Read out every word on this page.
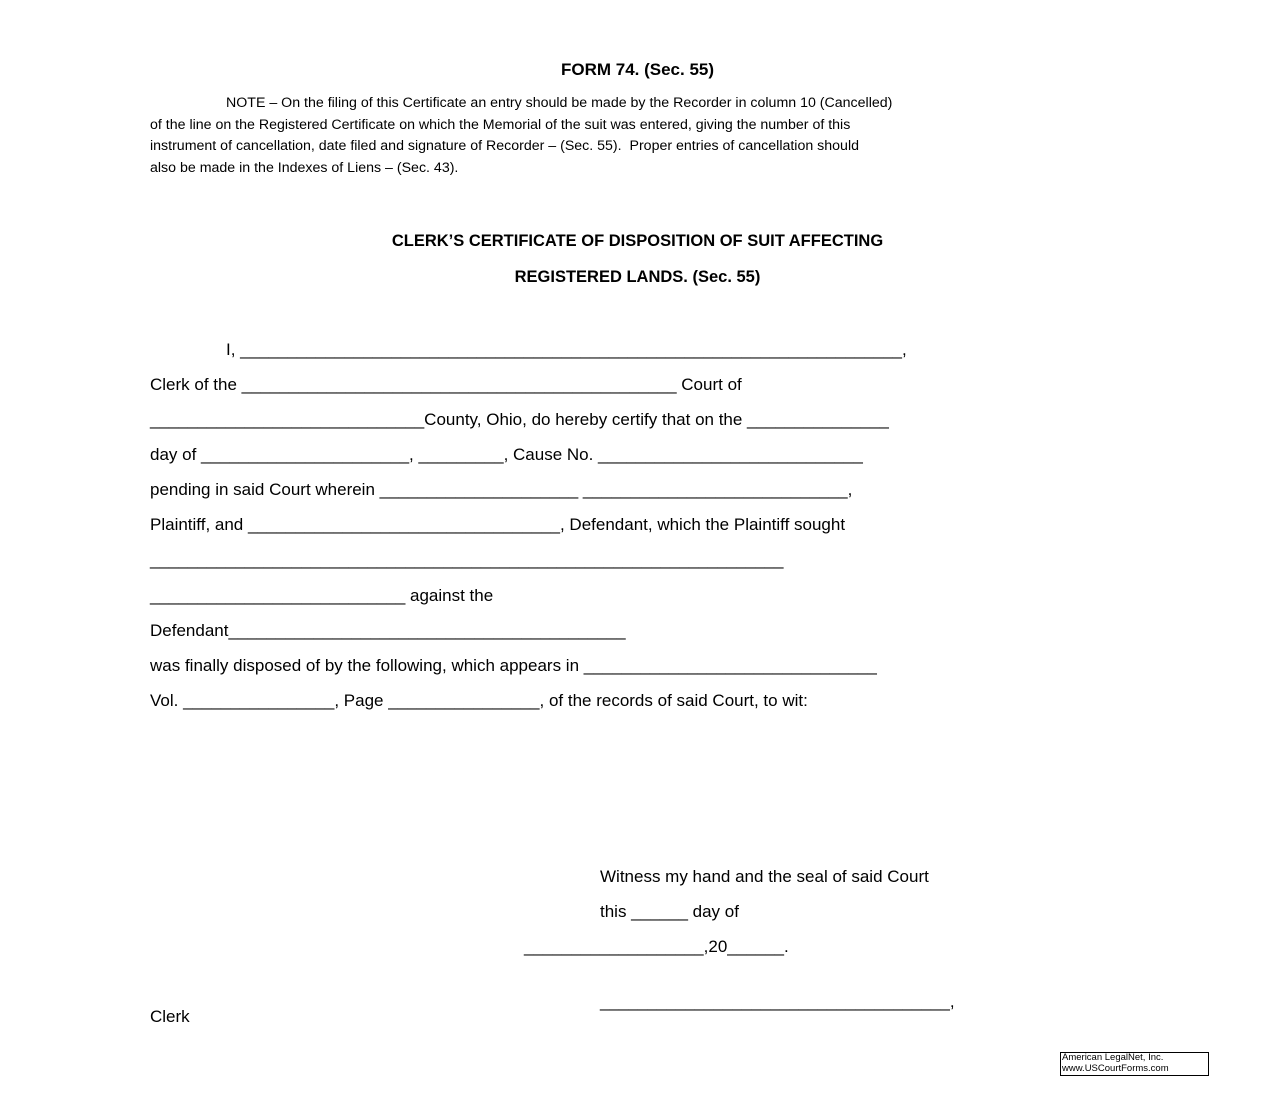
FORM 74. (Sec. 55)
NOTE – On the filing of this Certificate an entry should be made by the Recorder in column 10 (Cancelled)
of the line on the Registered Certificate on which the Memorial of the suit was entered, giving the number of this
instrument of cancellation, date filed and signature of Recorder – (Sec. 55).  Proper entries of cancellation should
also be made in the Indexes of Liens – (Sec. 43).
CLERK’S CERTIFICATE OF DISPOSITION OF SUIT AFFECTING
REGISTERED LANDS. (Sec. 55)
I, ______________________________________________________________________,
Clerk of the ______________________________________________ Court of
_____________________________County, Ohio, do hereby certify that on the _______________
day of ______________________, _________, Cause No. ____________________________
pending in said Court wherein _____________________ ____________________________,
Plaintiff, and _________________________________, Defendant, which the Plaintiff sought
___________________________________________________________________
___________________________ against the
Defendant__________________________________________
was finally disposed of by the following, which appears in _______________________________
Vol. ________________, Page ________________, of the records of said Court, to wit:
Witness my hand and the seal of said Court
this ______ day of
___________________,20______.
_____________________________________,
Clerk
American LegalNet, Inc.
www.USCourtForms.com
